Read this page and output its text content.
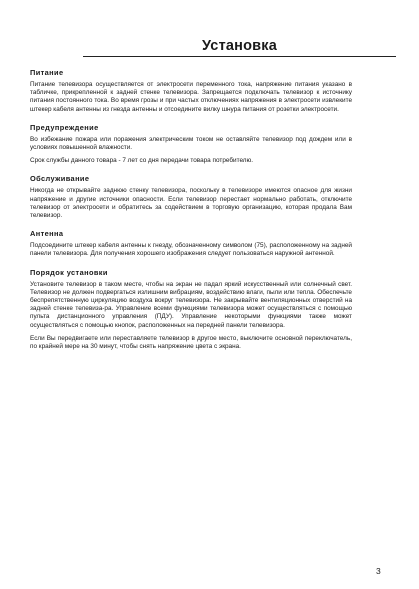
Установка
Питание

Питание телевизора осуществляется от электросети переменного тока, напряжение питания указано в табличке, прикрепленной к задней стенке телевизора. Запрещается подключать телевизор к источнику питания постоянного тока. Во время грозы и при частых отключениях напряжения в электросети извлеките штекер кабеля антенны из гнезда антенны и отсоедините вилку шнура питания от розетки электросети.

Предупреждение

Во избежание пожара или поражения электрическим током не оставляйте телевизор под дождем или в условиях повышенной влажности.

Срок службы данного товара - 7 лет со дня передачи товара потребителю.

Обслуживание

Никогда не открывайте заднюю стенку телевизора, поскольку в телевизоре имеются опасное для жизни напряжение и другие источники опасности. Если телевизор перестает нормально работать, отключите телевизор от электросети и обратитесь за содействием в торговую организацию, которая продала Вам телевизор.

Антенна

Подсоедините штекер кабеля антенны к гнезду, обозначенному символом (75), расположенному на задней панели телевизора. Для получения хорошего изображения следует пользоваться наружной антенной.

Порядок установки

Установите телевизор в таком месте, чтобы на экран не падал яркий искусственный или солнечный свет. Телевизор не должен подвергаться излишним вибрациям, воздействию влаги, пыли или тепла. Обеспечьте беспрепятственную циркуляцию воздуха вокруг телевизора. Не закрывайте вентиляционных отверстий на задней стенке телевиза-ра. Управление всеми функциями телевизора может осуществляться с помощью пульта дистанционного управления (ПДУ). Управление некоторыми функциями также может осуществляться с помощью кнопок, расположенных на передней панели телевизора.

Если Вы передвигаете или переставляете телевизор в другое место, выключите основной переключатель, по крайней мере на 30 минут, чтобы снять напряжение цвета с экрана.

3
